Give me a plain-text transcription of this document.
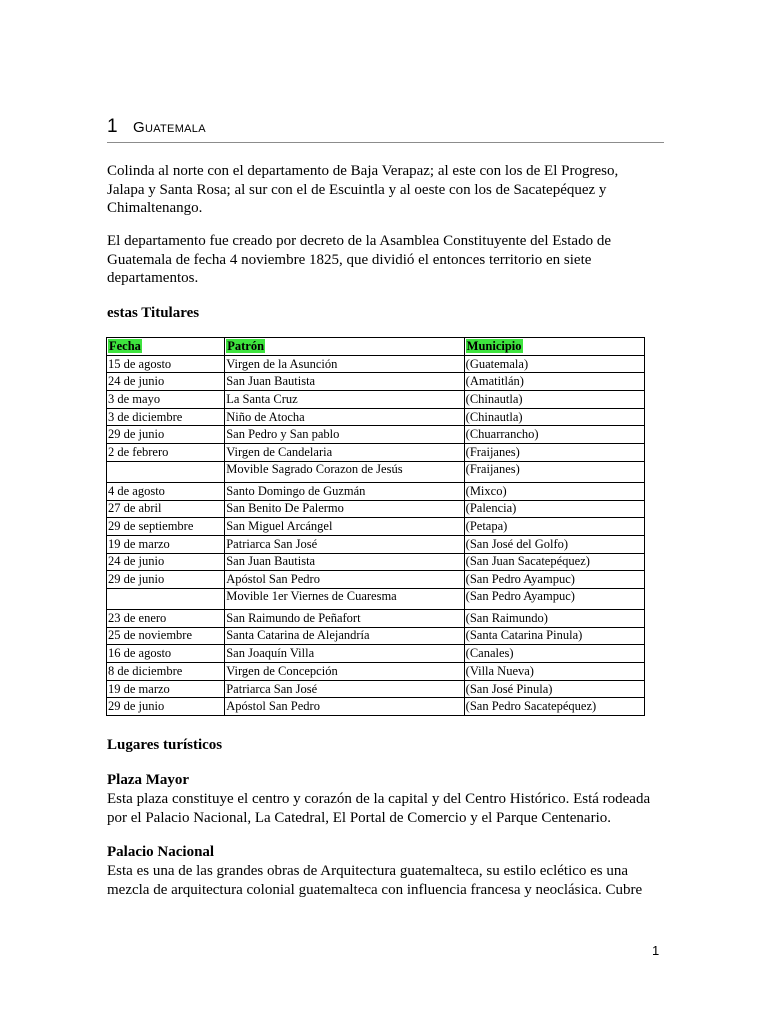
1 Guatemala

Colinda al norte con el departamento de Baja Verapaz; al este con los de El Progreso, Jalapa y Santa Rosa; al sur con el de Escuintla y al oeste con los de Sacatepéquez y Chimaltenango.

El departamento fue creado por decreto de la Asamblea Constituyente del Estado de Guatemala de fecha 4 noviembre 1825, que dividió el entonces territorio en siete departamentos.

estas Titulares

Fecha	Patrón	Municipio
15 de agosto	Virgen de la Asunción	(Guatemala)
24 de junio	San Juan Bautista	(Amatitlán)
3 de mayo	La Santa Cruz	(Chinautla)
3 de diciembre	Niño de Atocha	(Chinautla)
29 de junio	San Pedro y San pablo	(Chuarrancho)
2 de febrero	Virgen de Candelaria	(Fraijanes)
	Movible Sagrado Corazon de Jesús	(Fraijanes)
4 de agosto	Santo Domingo de Guzmán	(Mixco)
27 de abril	San Benito De Palermo	(Palencia)
29 de septiembre	San Miguel Arcángel	(Petapa)
19 de marzo	Patriarca San José	(San José del Golfo)
24 de junio	San Juan Bautista	(San Juan Sacatepéquez)
29 de junio	Apóstol San Pedro	(San Pedro Ayampuc)
	Movible 1er Viernes de Cuaresma	(San Pedro Ayampuc)
23 de enero	San Raimundo de Peñafort	(San Raimundo)
25 de noviembre	Santa Catarina de Alejandría	(Santa Catarina Pinula)
16 de agosto	San Joaquín Villa	(Canales)
8 de diciembre	Virgen de Concepción	(Villa Nueva)
19 de marzo	Patriarca San José	(San José Pinula)
29 de junio	Apóstol San Pedro	(San Pedro Sacatepéquez)

Lugares turísticos

Plaza Mayor

Esta plaza constituye el centro y corazón de la capital y del Centro Histórico. Está rodeada por el Palacio Nacional, La Catedral, El Portal de Comercio y el Parque Centenario.

Palacio Nacional

Esta es una de las grandes obras de Arquitectura guatemalteca, su estilo eclético es una mezcla de arquitectura colonial guatemalteca con influencia francesa y neoclásica. Cubre

1
